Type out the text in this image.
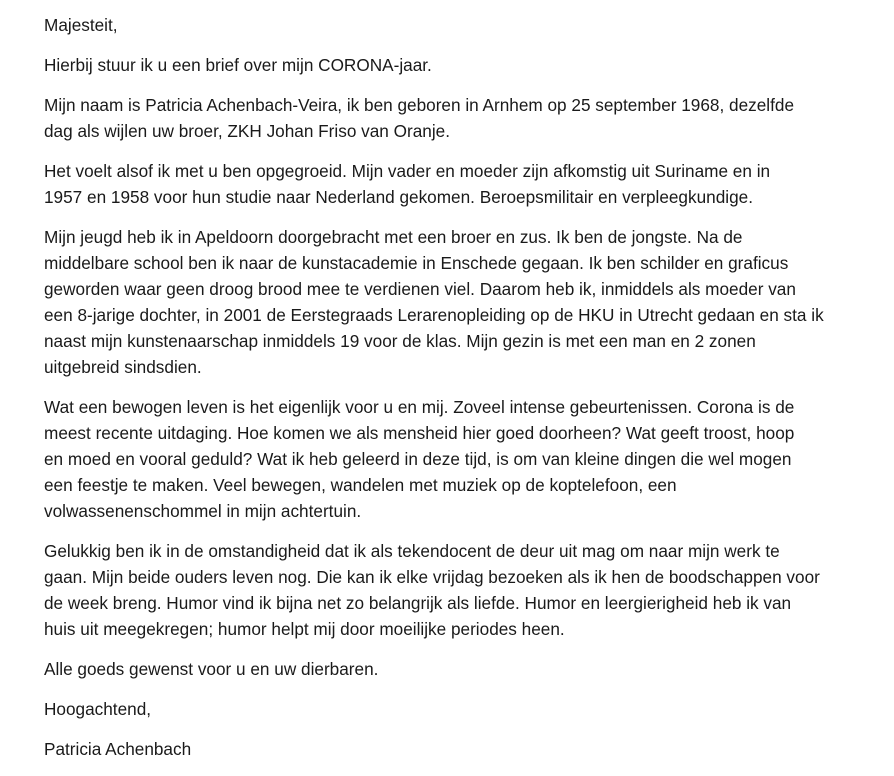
Majesteit,

Hierbij stuur ik u een brief over mijn CORONA-jaar.

Mijn naam is Patricia Achenbach-Veira, ik ben geboren in Arnhem op 25 september 1968, dezelfde
dag als wijlen uw broer, ZKH Johan Friso van Oranje.

Het voelt alsof ik met u ben opgegroeid. Mijn vader en moeder zijn afkomstig uit Suriname en in
1957 en 1958 voor hun studie naar Nederland gekomen. Beroepsmilitair en verpleegkundige.

Mijn jeugd heb ik in Apeldoorn doorgebracht met een broer en zus. Ik ben de jongste. Na de
middelbare school ben ik naar de kunstacademie in Enschede gegaan. Ik ben schilder en graficus
geworden waar geen droog brood mee te verdienen viel. Daarom heb ik, inmiddels als moeder van
een 8-jarige dochter, in 2001 de Eerstegraads Lerarenopleiding op de HKU in Utrecht gedaan en sta ik
naast mijn kunstenaarschap inmiddels 19 voor de klas. Mijn gezin is met een man en 2 zonen
uitgebreid sindsdien.

Wat een bewogen leven is het eigenlijk voor u en mij. Zoveel intense gebeurtenissen. Corona is de
meest recente uitdaging. Hoe komen we als mensheid hier goed doorheen? Wat geeft troost, hoop
en moed en vooral geduld? Wat ik heb geleerd in deze tijd, is om van kleine dingen die wel mogen
een feestje te maken. Veel bewegen, wandelen met muziek op de koptelefoon, een
volwassenenschommel in mijn achtertuin.

Gelukkig ben ik in de omstandigheid dat ik als tekendocent de deur uit mag om naar mijn werk te
gaan. Mijn beide ouders leven nog. Die kan ik elke vrijdag bezoeken als ik hen de boodschappen voor
de week breng. Humor vind ik bijna net zo belangrijk als liefde. Humor en leergierigheid heb ik van
huis uit meegekregen; humor helpt mij door moeilijke periodes heen.

Alle goeds gewenst voor u en uw dierbaren.

Hoogachtend,

Patricia Achenbach
